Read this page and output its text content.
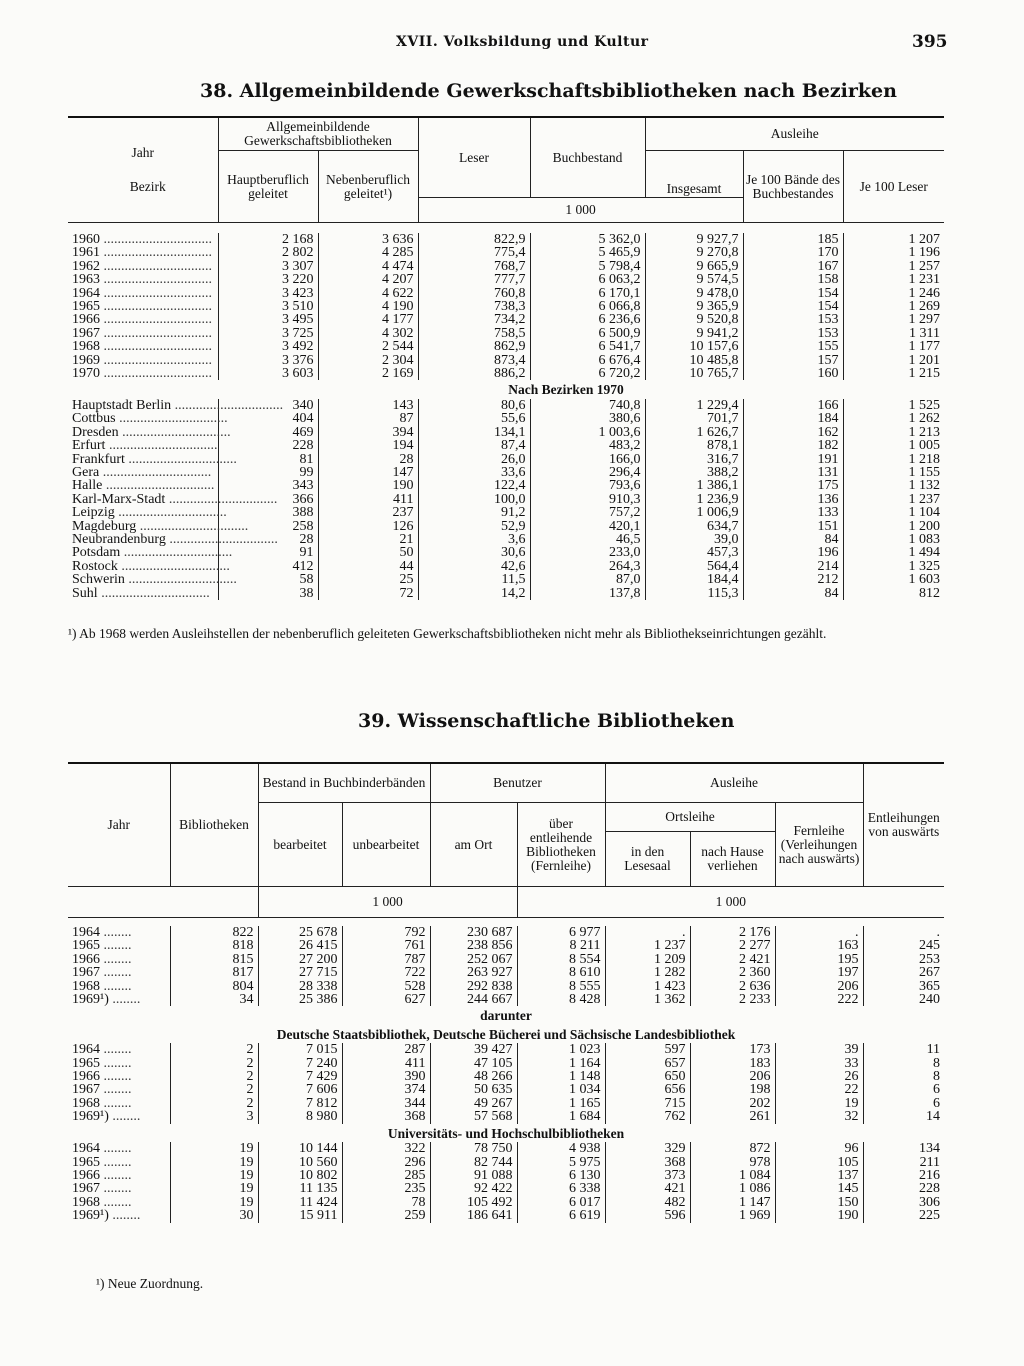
XVII. Volksbildung und Kultur	395
38. Allgemeinbildende Gewerkschaftsbibliotheken nach Bezirken
Jahr
Bezirk	Allgemeinbildende Gewerkschaftsbibliotheken		Leser	Buchbestand	Ausleihe		
	Hauptberuflich geleitet	Nebenberuflich geleitet¹)			Insgesamt	Je 100 Bände des Buchbestandes	Je 100 Leser
			1 000				

1960 ...............................	2 168	3 636	822,9	5 362,0	9 927,7	185	1 207
1961 ...............................	2 802	4 285	775,4	5 465,9	9 270,8	170	1 196
1962 ...............................	3 307	4 474	768,7	5 798,4	9 665,9	167	1 257
1963 ...............................	3 220	4 207	777,7	6 063,2	9 574,5	158	1 231
1964 ...............................	3 423	4 622	760,8	6 170,1	9 478,0	154	1 246
1965 ...............................	3 510	4 190	738,3	6 066,8	9 365,9	154	1 269
1966 ...............................	3 495	4 177	734,2	6 236,6	9 520,8	153	1 297
1967 ...............................	3 725	4 302	758,5	6 500,9	9 941,2	153	1 311
1968 ...............................	3 492	2 544	862,9	6 541,7	10 157,6	155	1 177
1969 ...............................	3 376	2 304	873,4	6 676,4	10 485,8	157	1 201
1970 ...............................	3 603	2 169	886,2	6 720,2	10 765,7	160	1 215
Nach Bezirken 1970							
Hauptstadt Berlin ...............................	340	143	80,6	740,8	1 229,4	166	1 525
Cottbus ...............................	404	87	55,6	380,6	701,7	184	1 262
Dresden ...............................	469	394	134,1	1 003,6	1 626,7	162	1 213
Erfurt ...............................	228	194	87,4	483,2	878,1	182	1 005
Frankfurt ...............................	81	28	26,0	166,0	316,7	191	1 218
Gera ...............................	99	147	33,6	296,4	388,2	131	1 155
Halle ...............................	343	190	122,4	793,6	1 386,1	175	1 132
Karl-Marx-Stadt ...............................	366	411	100,0	910,3	1 236,9	136	1 237
Leipzig ...............................	388	237	91,2	757,2	1 006,9	133	1 104
Magdeburg ...............................	258	126	52,9	420,1	634,7	151	1 200
Neubrandenburg ...............................	28	21	3,6	46,5	39,0	84	1 083
Potsdam ...............................	91	50	30,6	233,0	457,3	196	1 494
Rostock ...............................	412	44	42,6	264,3	564,4	214	1 325
Schwerin ...............................	58	25	11,5	87,0	184,4	212	1 603
Suhl ...............................	38	72	14,2	137,8	115,3	84	812
¹) Ab 1968 werden Ausleihstellen der nebenberuflich geleiteten Gewerkschaftsbibliotheken nicht mehr als Bibliothekseinrichtungen gezählt.
39. Wissenschaftliche Bibliotheken
Jahr	Bibliotheken	Bestand in Buchbinderbänden		Benutzer		Ausleihe			Entleihungen von auswärts
		bearbeitet	unbearbeitet	am Ort	über entleihende Bibliotheken (Fernleihe)	Ortsleihe		Fernleihe (Verleihungen nach auswärts)	
						in den Lesesaal	nach Hause verliehen		
		1 000			1 000				

1964 ........	822	25 678	792	230 687	6 977	.	2 176	.	.
1965 ........	818	26 415	761	238 856	8 211	1 237	2 277	163	245
1966 ........	815	27 200	787	252 067	8 554	1 209	2 421	195	253
1967 ........	817	27 715	722	263 927	8 610	1 282	2 360	197	267
1968 ........	804	28 338	528	292 838	8 555	1 423	2 636	206	365
1969¹) ........	34	25 386	627	244 667	8 428	1 362	2 233	222	240
darunter									
Deutsche Staatsbibliothek, Deutsche Bücherei und Sächsische Landesbibliothek									
1964 ........	2	7 015	287	39 427	1 023	597	173	39	11
1965 ........	2	7 240	411	47 105	1 164	657	183	33	8
1966 ........	2	7 429	390	48 266	1 148	650	206	26	8
1967 ........	2	7 606	374	50 635	1 034	656	198	22	6
1968 ........	2	7 812	344	49 267	1 165	715	202	19	6
1969¹) ........	3	8 980	368	57 568	1 684	762	261	32	14
Universitäts- und Hochschulbibliotheken									
1964 ........	19	10 144	322	78 750	4 938	329	872	96	134
1965 ........	19	10 560	296	82 744	5 975	368	978	105	211
1966 ........	19	10 802	285	91 088	6 130	373	1 084	137	216
1967 ........	19	11 135	235	92 422	6 338	421	1 086	145	228
1968 ........	19	11 424	78	105 492	6 017	482	1 147	150	306
1969¹) ........	30	15 911	259	186 641	6 619	596	1 969	190	225
¹) Neue Zuordnung.
